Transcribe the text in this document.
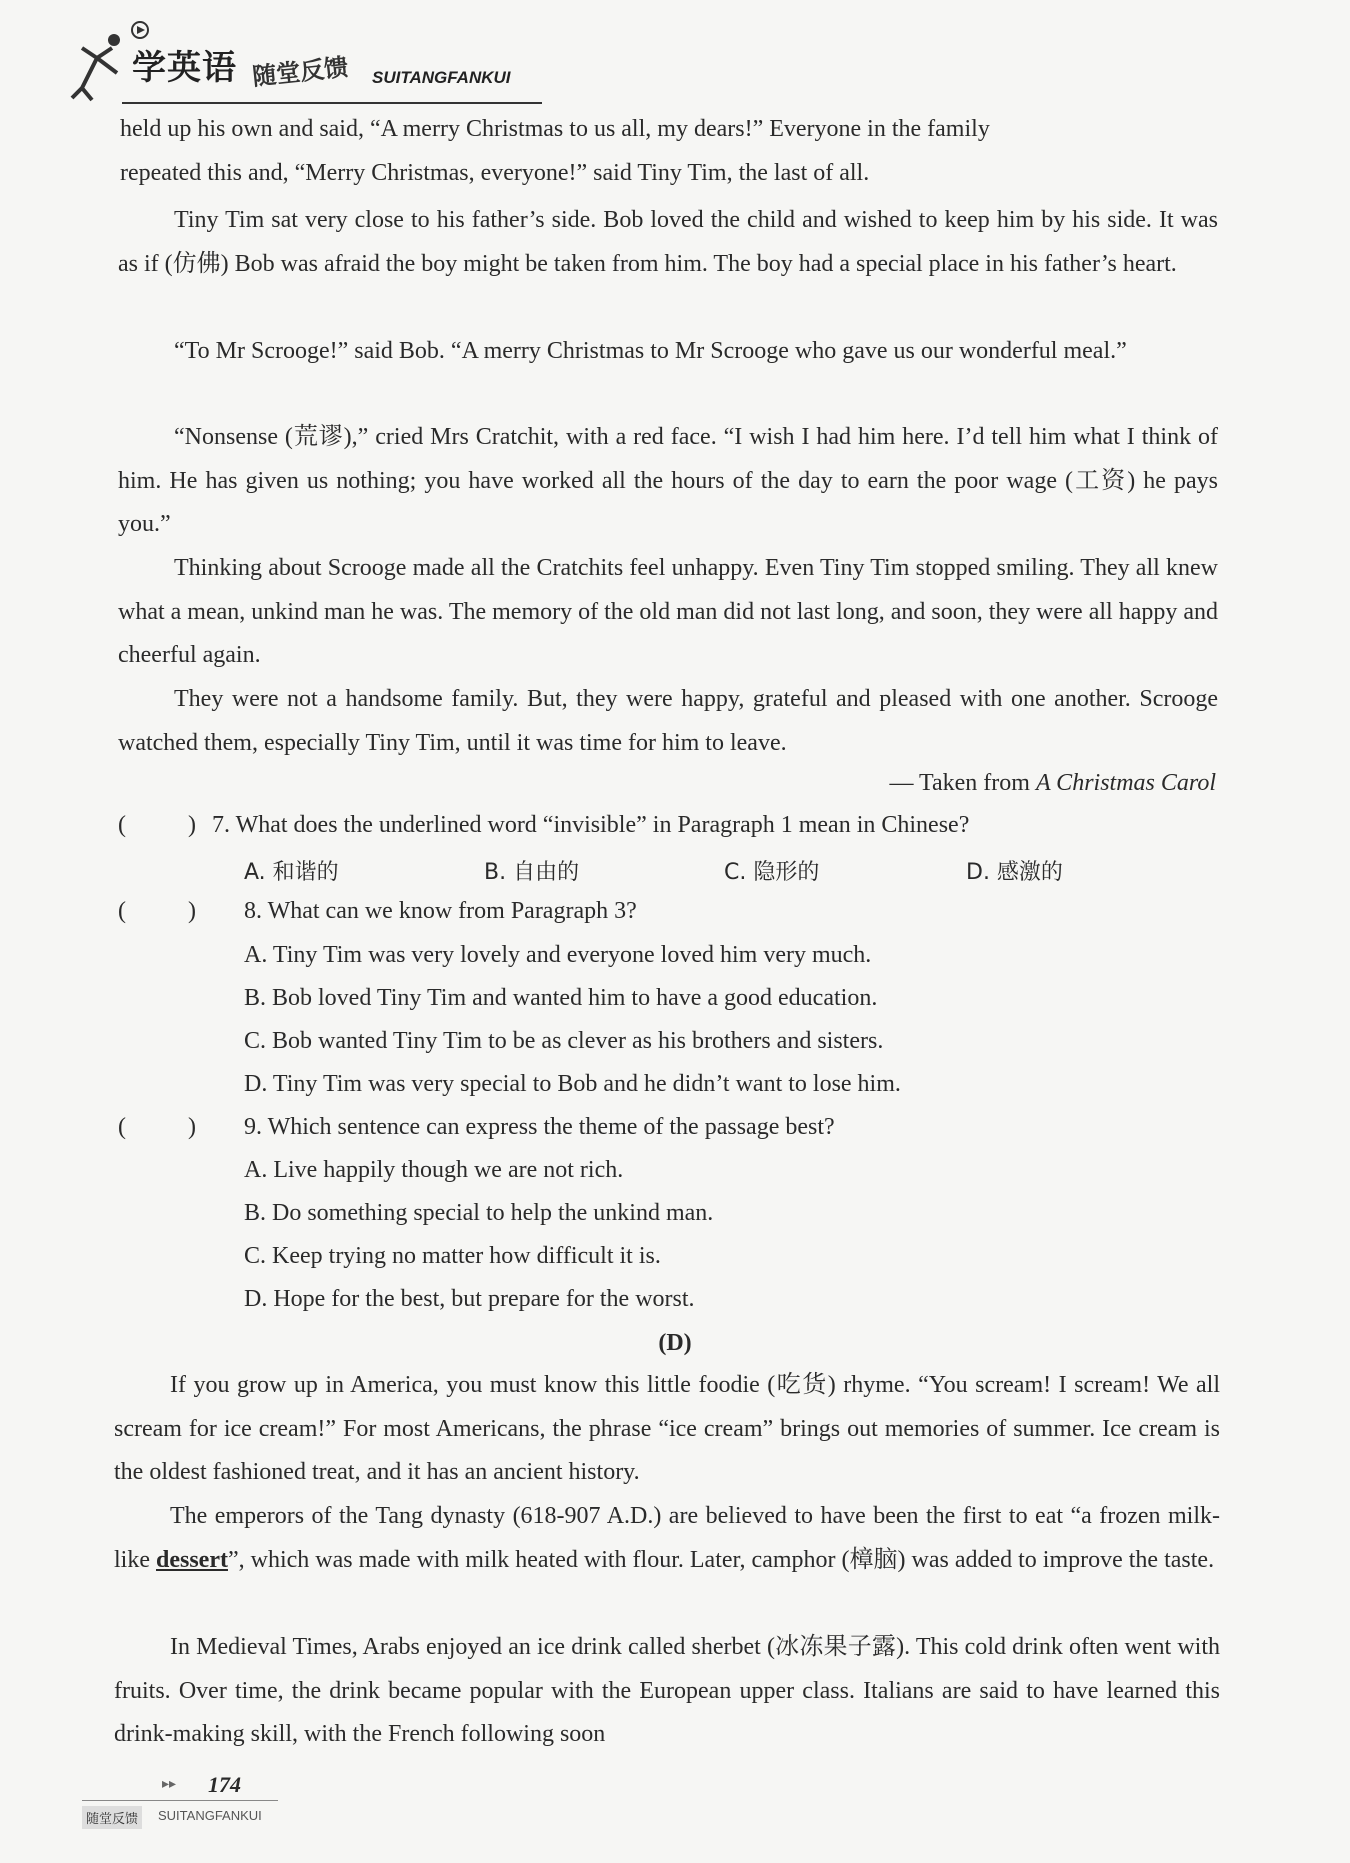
学英语 随堂反馈 SUITANGFANKUI
held up his own and said, “A merry Christmas to us all, my dears!” Everyone in the family
repeated this and, “Merry Christmas, everyone!” said Tiny Tim, the last of all.

Tiny Tim sat very close to his father’s side. Bob loved the child and wished to keep him by his side. It was as if (仿佛) Bob was afraid the boy might be taken from him. The boy had a special place in his father’s heart.

“To Mr Scrooge!” said Bob. “A merry Christmas to Mr Scrooge who gave us our wonderful meal.”

“Nonsense (荒谬),” cried Mrs Cratchit, with a red face. “I wish I had him here. I’d tell him what I think of him. He has given us nothing; you have worked all the hours of the day to earn the poor wage (工资) he pays you.”

Thinking about Scrooge made all the Cratchits feel unhappy. Even Tiny Tim stopped smiling. They all knew what a mean, unkind man he was. The memory of the old man did not last long, and soon, they were all happy and cheerful again.

They were not a handsome family. But, they were happy, grateful and pleased with one another. Scrooge watched them, especially Tiny Tim, until it was time for him to leave.

— Taken from A Christmas Carol
(	) 7. What does the underlined word “invisible” in Paragraph 1 mean in Chinese?
A. 和谐的	B. 自由的	C. 隐形的	D. 感激的
(	) 8. What can we know from Paragraph 3?
A. Tiny Tim was very lovely and everyone loved him very much.
B. Bob loved Tiny Tim and wanted him to have a good education.
C. Bob wanted Tiny Tim to be as clever as his brothers and sisters.
D. Tiny Tim was very special to Bob and he didn’t want to lose him.
(	) 9. Which sentence can express the theme of the passage best?
A. Live happily though we are not rich.
B. Do something special to help the unkind man.
C. Keep trying no matter how difficult it is.
D. Hope for the best, but prepare for the worst.
(D)

If you grow up in America, you must know this little foodie (吃货) rhyme. “You scream! I scream! We all scream for ice cream!” For most Americans, the phrase “ice cream” brings out memories of summer. Ice cream is the oldest fashioned treat, and it has an ancient history.

The emperors of the Tang dynasty (618-907 A.D.) are believed to have been the first to eat “a frozen milk-like dessert”, which was made with milk heated with flour. Later, camphor (樟脑) was added to improve the taste.

In Medieval Times, Arabs enjoyed an ice drink called sherbet (冰冻果子露). This cold drink often went with fruits. Over time, the drink became popular with the European upper class. Italians are said to have learned this drink-making skill, with the French following soon

▸▸ 174
随堂反馈	SUITANGFANKUI
